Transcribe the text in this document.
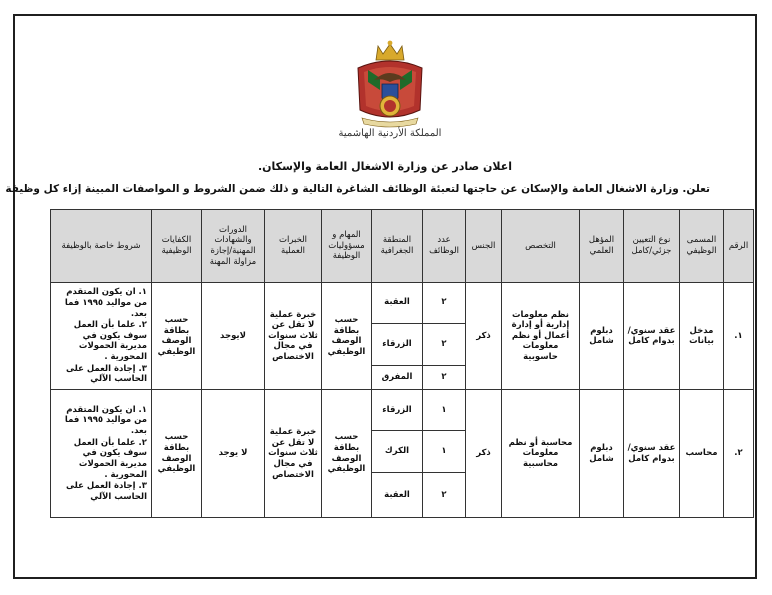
المملكة الأردنية الهاشمية
اعلان صادر عن وزارة الاشغال العامة والإسكان.
تعلن. وزارة الاشغال العامة والإسكان عن حاجتها لتعبئة الوظائف الشاغرة التالية و ذلك ضمن الشروط و المواصفات المبينة إزاء كل وظيفة
الرقم	المسمى الوظيفي	نوع التعيين جزئي/كامل	المؤهل العلمي	التخصص	الجنس	عدد الوظائف	المنطقة الجغرافية	المهام و مسؤوليات الوظيفة	الخبرات العملية	الدورات والشهادات المهنية/إجازة مزاولة المهنة	الكفايات الوظيفية	شروط خاصة بالوظيفة
١.	مدخل بيانات	عقد سنوي/بدوام كامل	دبلوم شامل	نظم معلومات إدارية أو إدارة أعمال أو نظم معلومات حاسوبية	ذكر	٢	العقبة	حسب بطاقة الوصف الوظيفي	خبرة عملية لا تقل عن ثلاث سنوات في مجال الاختصاص	لايوجد	حسب بطاقة الوصف الوظيفي	١. ان يكون المتقدم من مواليد ١٩٩٥ فما بعد.
٢. علما بأن العمل سوف يكون في مديرية الحمولات المحورية .
٣. إجادة العمل على الحاسب الآلي

						٢	الزرقاء					
						٢	المفرق					
٢.	محاسب	عقد سنوي/بدوام كامل	دبلوم شامل	محاسبة أو نظم معلومات محاسبية	ذكر	١	الزرقاء	حسب بطاقة الوصف الوظيفي	خبرة عملية لا تقل عن ثلاث سنوات في مجال الاختصاص	لا يوجد	حسب بطاقة الوصف الوظيفي	١. ان يكون المتقدم من مواليد ١٩٩٥ فما بعد.
٢. علما بأن العمل سوف يكون في مديرية الحمولات المحورية .
٣. إجادة العمل على الحاسب الآلي

						١	الكرك					
						٢	العقبة					
